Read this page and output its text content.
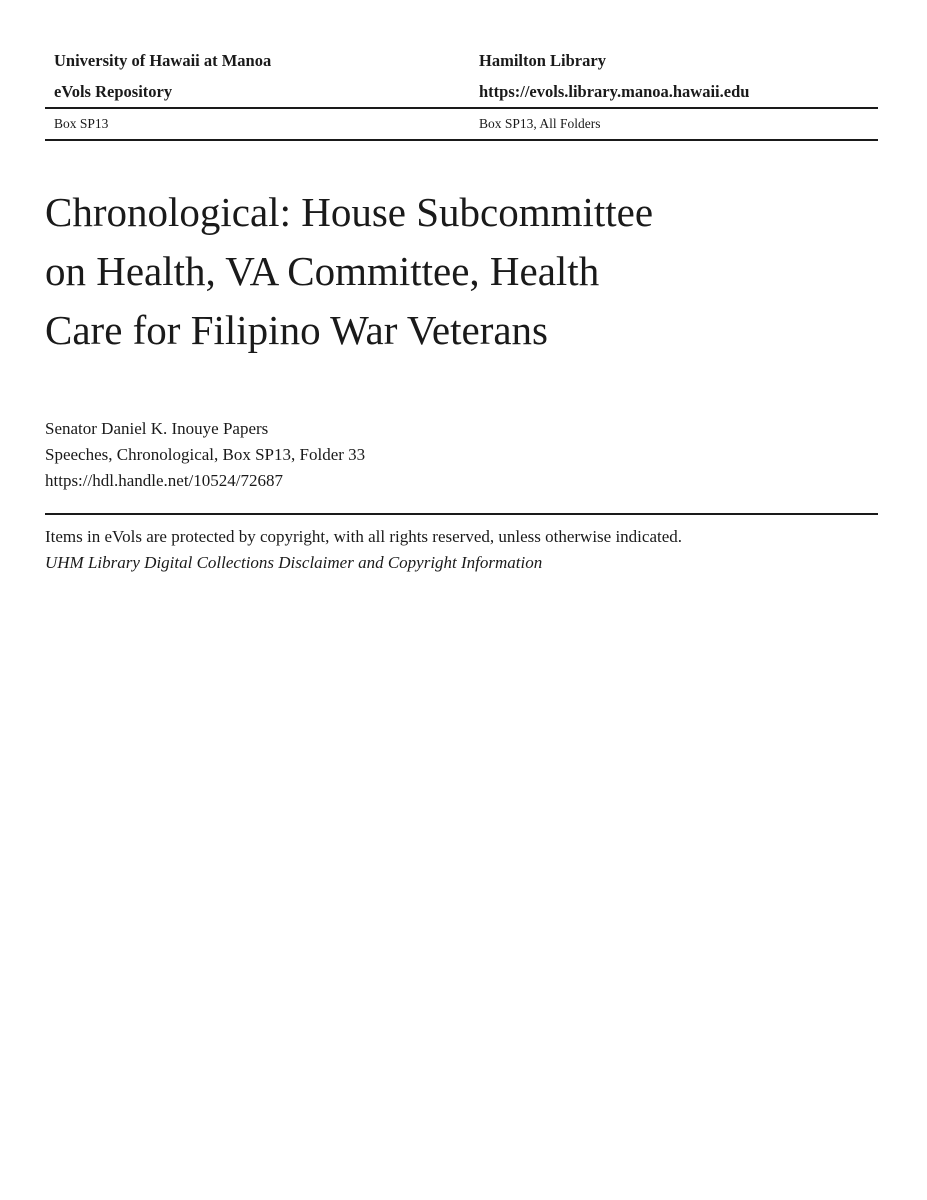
University of Hawaii at Manoa	Hamilton Library
eVols Repository	https://evols.library.manoa.hawaii.edu
Box SP13	Box SP13, All Folders
Chronological: House Subcommittee
on Health, VA Committee, Health
Care for Filipino War Veterans
Senator Daniel K. Inouye Papers
Speeches, Chronological, Box SP13, Folder 33
https://hdl.handle.net/10524/72687
Items in eVols are protected by copyright, with all rights reserved, unless otherwise indicated.
UHM Library Digital Collections Disclaimer and Copyright Information
